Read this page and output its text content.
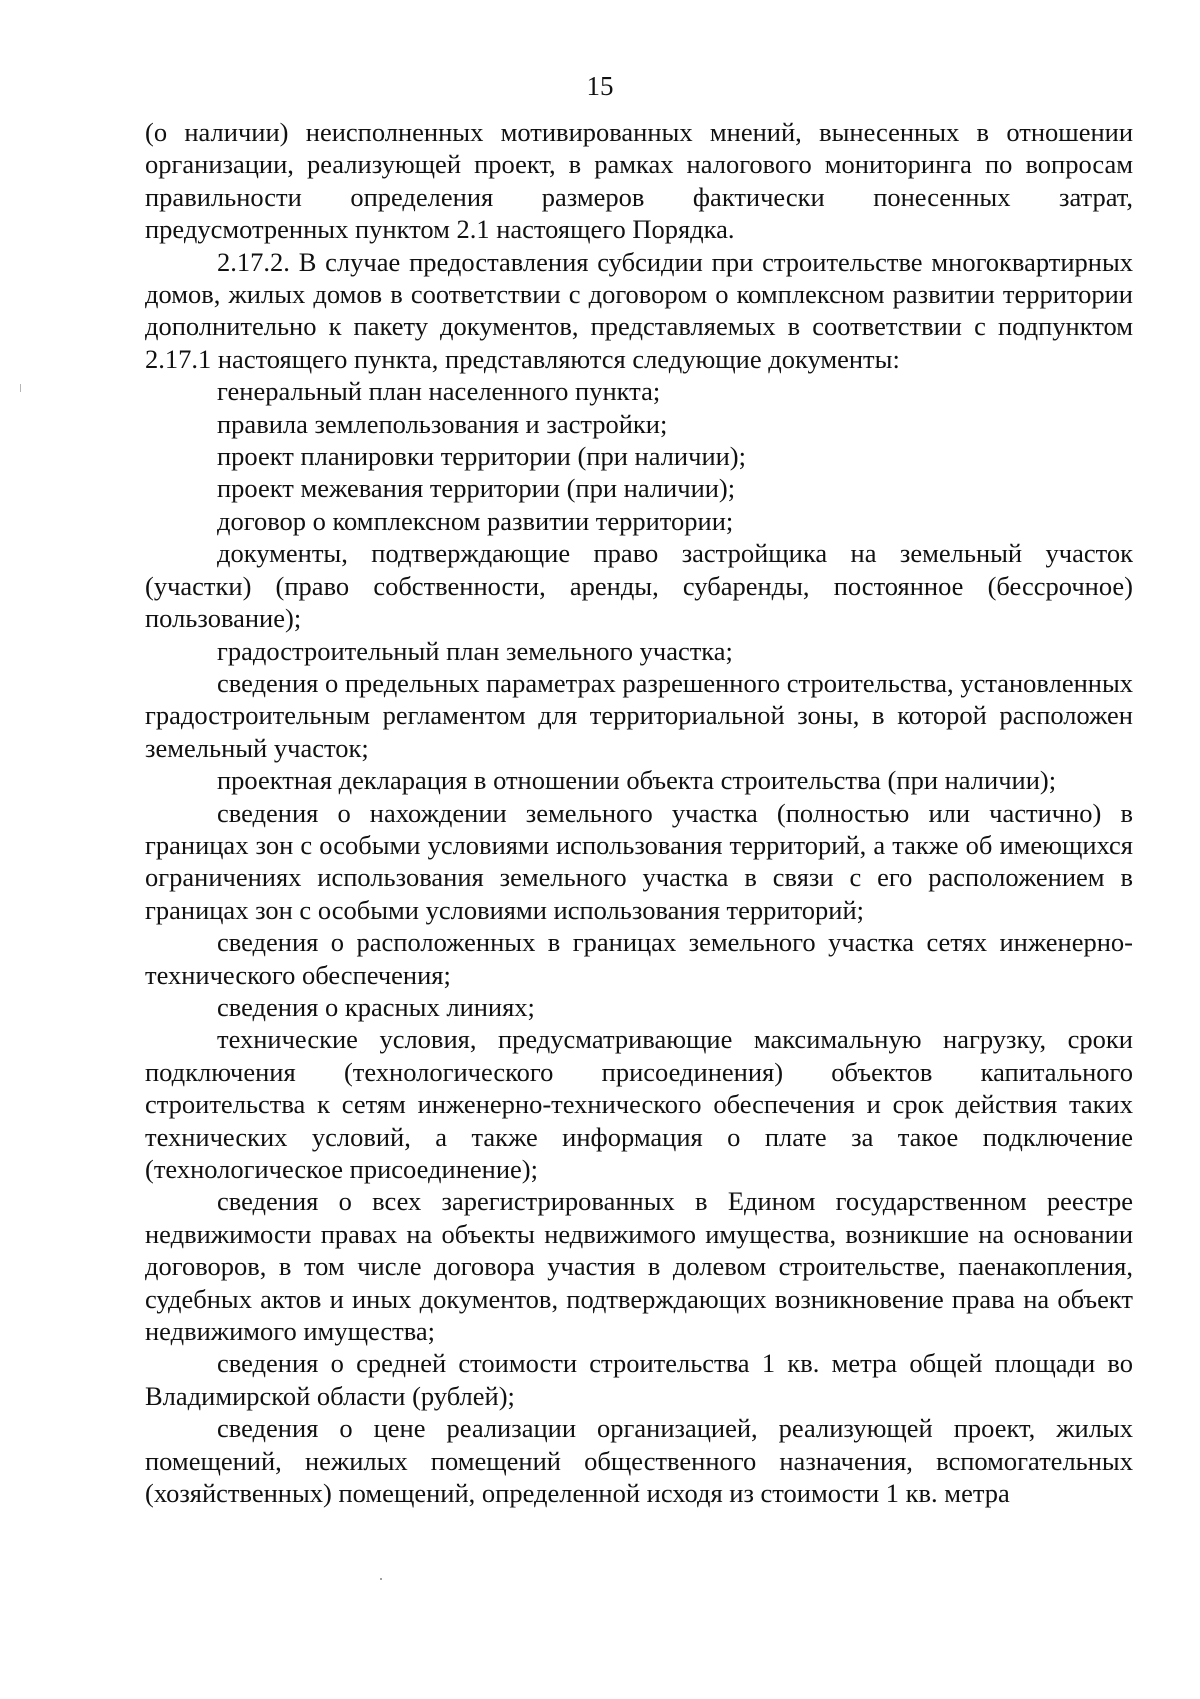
15

(о наличии) неисполненных мотивированных мнений, вынесенных в отношении организации, реализующей проект, в рамках налогового мониторинга по вопросам правильности определения размеров фактически понесенных затрат, предусмотренных пунктом 2.1 настоящего Порядка.

2.17.2. В случае предоставления субсидии при строительстве многоквартирных домов, жилых домов в соответствии с договором о комплексном развитии территории дополнительно к пакету документов, представляемых в соответствии с подпунктом 2.17.1 настоящего пункта, представляются следующие документы:

генеральный план населенного пункта;

правила землепользования и застройки;

проект планировки территории (при наличии);

проект межевания территории (при наличии);

договор о комплексном развитии территории;

документы, подтверждающие право застройщика на земельный участок (участки) (право собственности, аренды, субаренды, постоянное (бессрочное) пользование);

градостроительный план земельного участка;

сведения о предельных параметрах разрешенного строительства, установленных градостроительным регламентом для территориальной зоны, в которой расположен земельный участок;

проектная декларация в отношении объекта строительства (при наличии);

сведения о нахождении земельного участка (полностью или частично) в границах зон с особыми условиями использования территорий, а также об имеющихся ограничениях использования земельного участка в связи с его расположением в границах зон с особыми условиями использования территорий;

сведения о расположенных в границах земельного участка сетях инженерно-технического обеспечения;

сведения о красных линиях;

технические условия, предусматривающие максимальную нагрузку, сроки подключения (технологического присоединения) объектов капитального строительства к сетям инженерно-технического обеспечения и срок действия таких технических условий, а также информация о плате за такое подключение (технологическое присоединение);

сведения о всех зарегистрированных в Едином государственном реестре недвижимости правах на объекты недвижимого имущества, возникшие на основании договоров, в том числе договора участия в долевом строительстве, паенакопления, судебных актов и иных документов, подтверждающих возникновение права на объект недвижимого имущества;

сведения о средней стоимости строительства 1 кв. метра общей площади во Владимирской области (рублей);

сведения о цене реализации организацией, реализующей проект, жилых помещений, нежилых помещений общественного назначения, вспомогательных (хозяйственных) помещений, определенной исходя из стоимости 1 кв. метра
